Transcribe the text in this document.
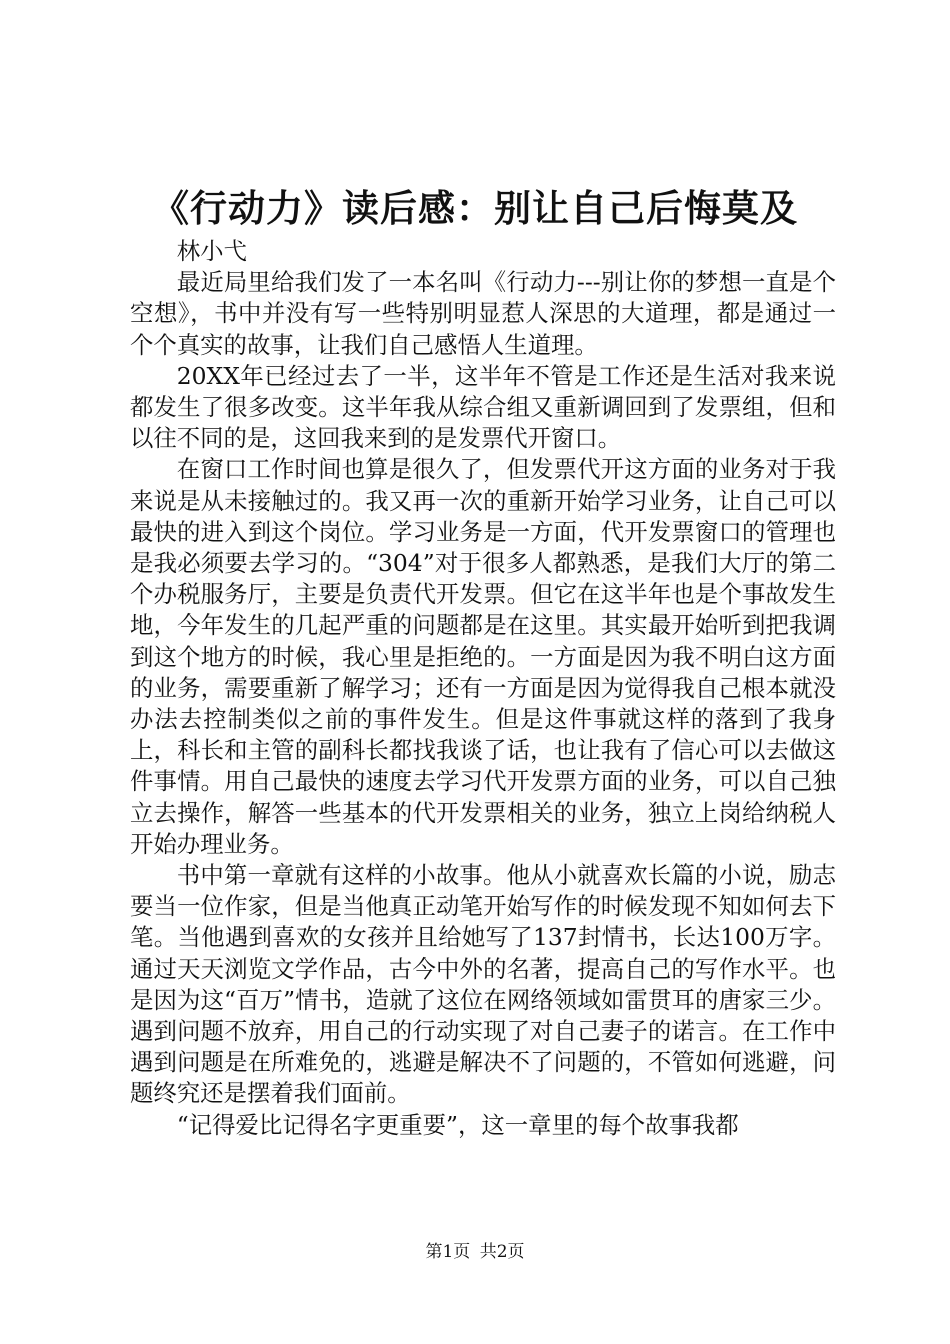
《行动力》读后感：别让自己后悔莫及

林小弋

最近局里给我们发了一本名叫《行动力---别让你的梦想一直是个空想》，书中并没有写一些特别明显惹人深思的大道理，都是通过一个个真实的故事，让我们自己感悟人生道理。

20XX年已经过去了一半，这半年不管是工作还是生活对我来说都发生了很多改变。这半年我从综合组又重新调回到了发票组，但和以往不同的是，这回我来到的是发票代开窗口。

在窗口工作时间也算是很久了，但发票代开这方面的业务对于我来说是从未接触过的。我又再一次的重新开始学习业务，让自己可以最快的进入到这个岗位。学习业务是一方面，代开发票窗口的管理也是我必须要去学习的。“304”对于很多人都熟悉，是我们大厅的第二个办税服务厅，主要是负责代开发票。但它在这半年也是个事故发生地，今年发生的几起严重的问题都是在这里。其实最开始听到把我调到这个地方的时候，我心里是拒绝的。一方面是因为我不明白这方面的业务，需要重新了解学习；还有一方面是因为觉得我自己根本就没办法去控制类似之前的事件发生。但是这件事就这样的落到了我身上，科长和主管的副科长都找我谈了话，也让我有了信心可以去做这件事情。用自己最快的速度去学习代开发票方面的业务，可以自己独立去操作，解答一些基本的代开发票相关的业务，独立上岗给纳税人开始办理业务。

书中第一章就有这样的小故事。他从小就喜欢长篇的小说，励志要当一位作家，但是当他真正动笔开始写作的时候发现不知如何去下笔。当他遇到喜欢的女孩并且给她写了137封情书，长达100万字。通过天天浏览文学作品，古今中外的名著，提高自己的写作水平。也是因为这“百万”情书，造就了这位在网络领域如雷贯耳的唐家三少。遇到问题不放弃，用自己的行动实现了对自己妻子的诺言。在工作中遇到问题是在所难免的，逃避是解决不了问题的，不管如何逃避，问题终究还是摆着我们面前。

“记得爱比记得名字更重要”，这一章里的每个故事我都

第1页 共2页
